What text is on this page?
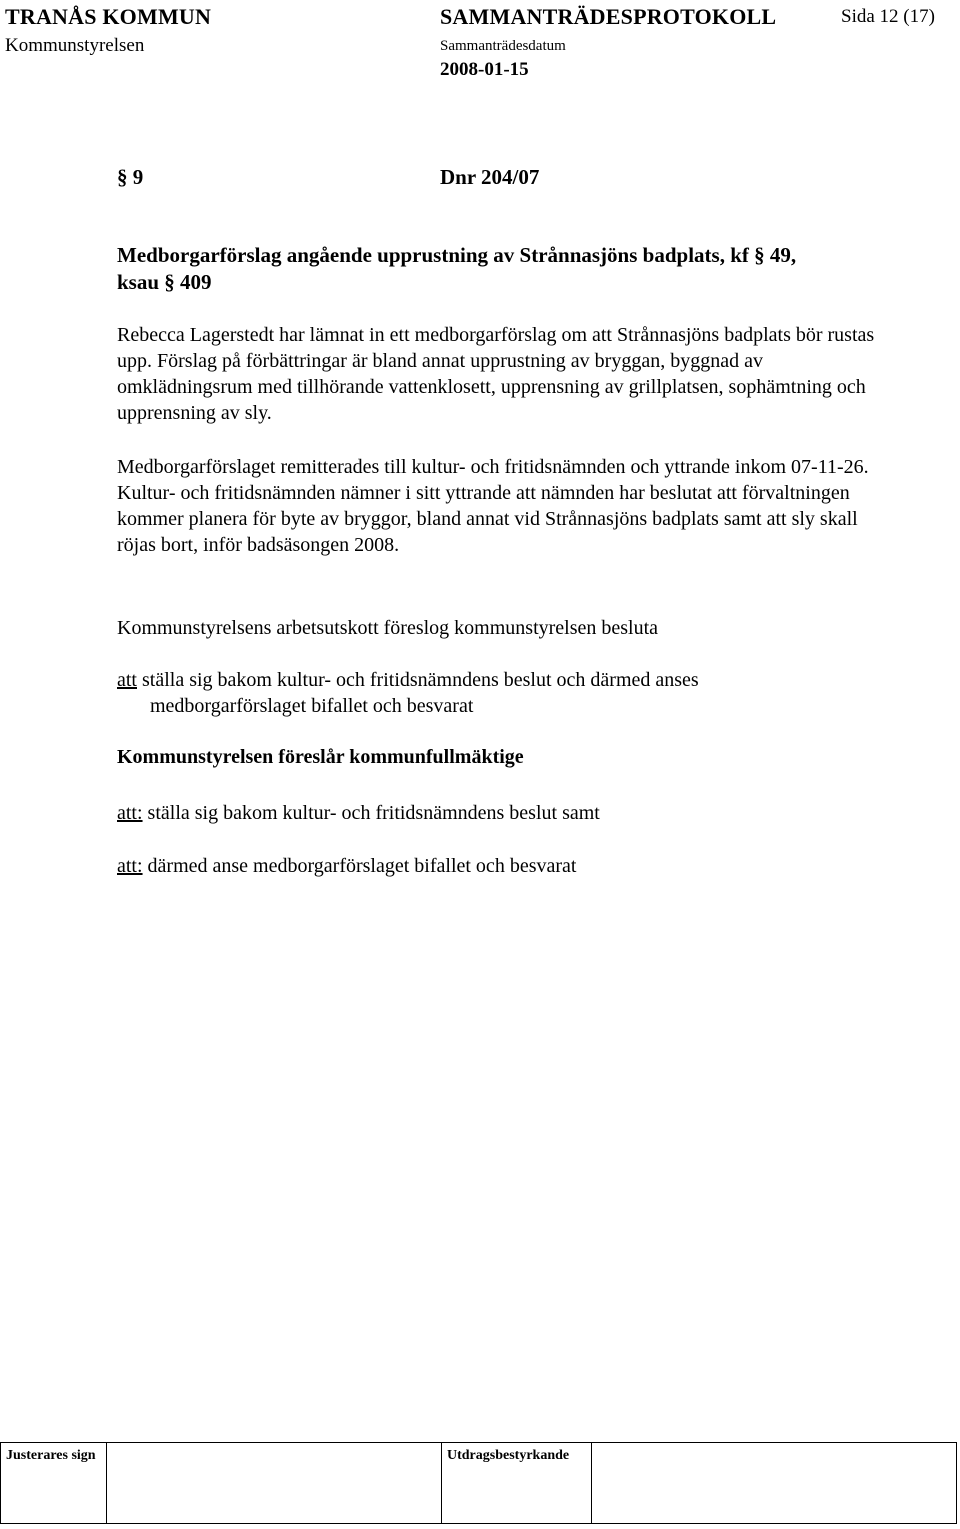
TRANÅS KOMMUN	SAMMANTRÄDESPROTOKOLL	Sida 12 (17)
Kommunstyrelsen	Sammanträdesdatum
2008-01-15
§ 9	Dnr 204/07
Medborgarförslag angående upprustning av Strånnasjöns badplats, kf § 49, ksau § 409
Rebecca Lagerstedt har lämnat in ett medborgarförslag om att Strånnasjöns badplats bör rustas upp. Förslag på förbättringar är bland annat upprustning av bryggan, byggnad av omklädningsrum med tillhörande vattenklosett, upprensning av grillplatsen, sophämtning och upprensning av sly.
Medborgarförslaget remitterades till kultur- och fritidsnämnden och yttrande inkom 07-11-26. Kultur- och fritidsnämnden nämner i sitt yttrande att nämnden har beslutat att förvaltningen kommer planera för byte av bryggor, bland annat vid Strånnasjöns badplats samt att sly skall röjas bort, inför badsäsongen 2008.
Kommunstyrelsens arbetsutskott föreslog kommunstyrelsen besluta
att ställa sig bakom kultur- och fritidsnämndens beslut och därmed anses
medborgarförslaget bifallet och besvarat
Kommunstyrelsen föreslår kommunfullmäktige
att: ställa sig bakom kultur- och fritidsnämndens beslut samt
att: därmed anse medborgarförslaget bifallet och besvarat
Justerares sign	Utdragsbestyrkande
